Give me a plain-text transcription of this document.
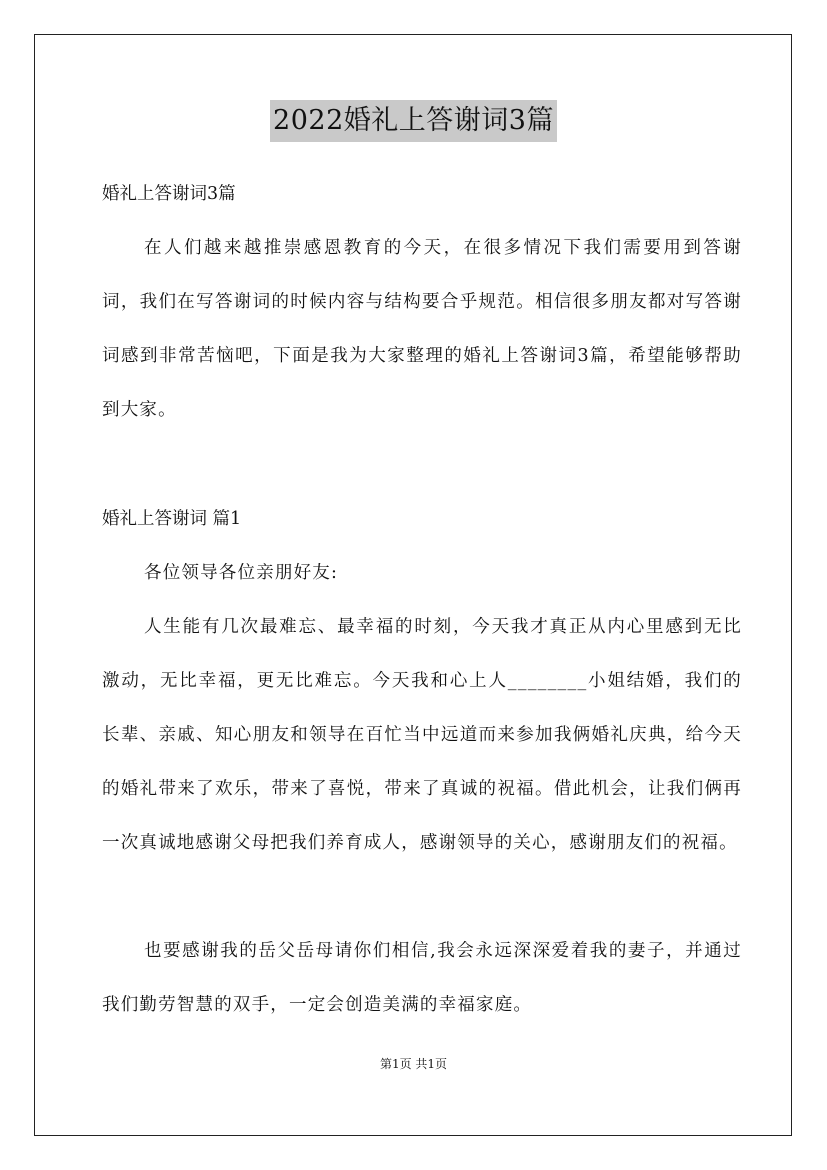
2022婚礼上答谢词3篇
婚礼上答谢词3篇

在人们越来越推崇感恩教育的今天，在很多情况下我们需要用到答谢词，我们在写答谢词的时候内容与结构要合乎规范。相信很多朋友都对写答谢词感到非常苦恼吧，下面是我为大家整理的婚礼上答谢词3篇，希望能够帮助到大家。

婚礼上答谢词 篇1

各位领导各位亲朋好友:

人生能有几次最难忘、最幸福的时刻，今天我才真正从内心里感到无比激动，无比幸福，更无比难忘。今天我和心上人________小姐结婚，我们的长辈、亲戚、知心朋友和领导在百忙当中远道而来参加我俩婚礼庆典，给今天的婚礼带来了欢乐，带来了喜悦，带来了真诚的祝福。借此机会，让我们俩再一次真诚地感谢父母把我们养育成人，感谢领导的关心，感谢朋友们的祝福。

也要感谢我的岳父岳母请你们相信,我会永远深深爱着我的妻子，并通过我们勤劳智慧的双手，一定会创造美满的幸福家庭。

第1页 共1页
